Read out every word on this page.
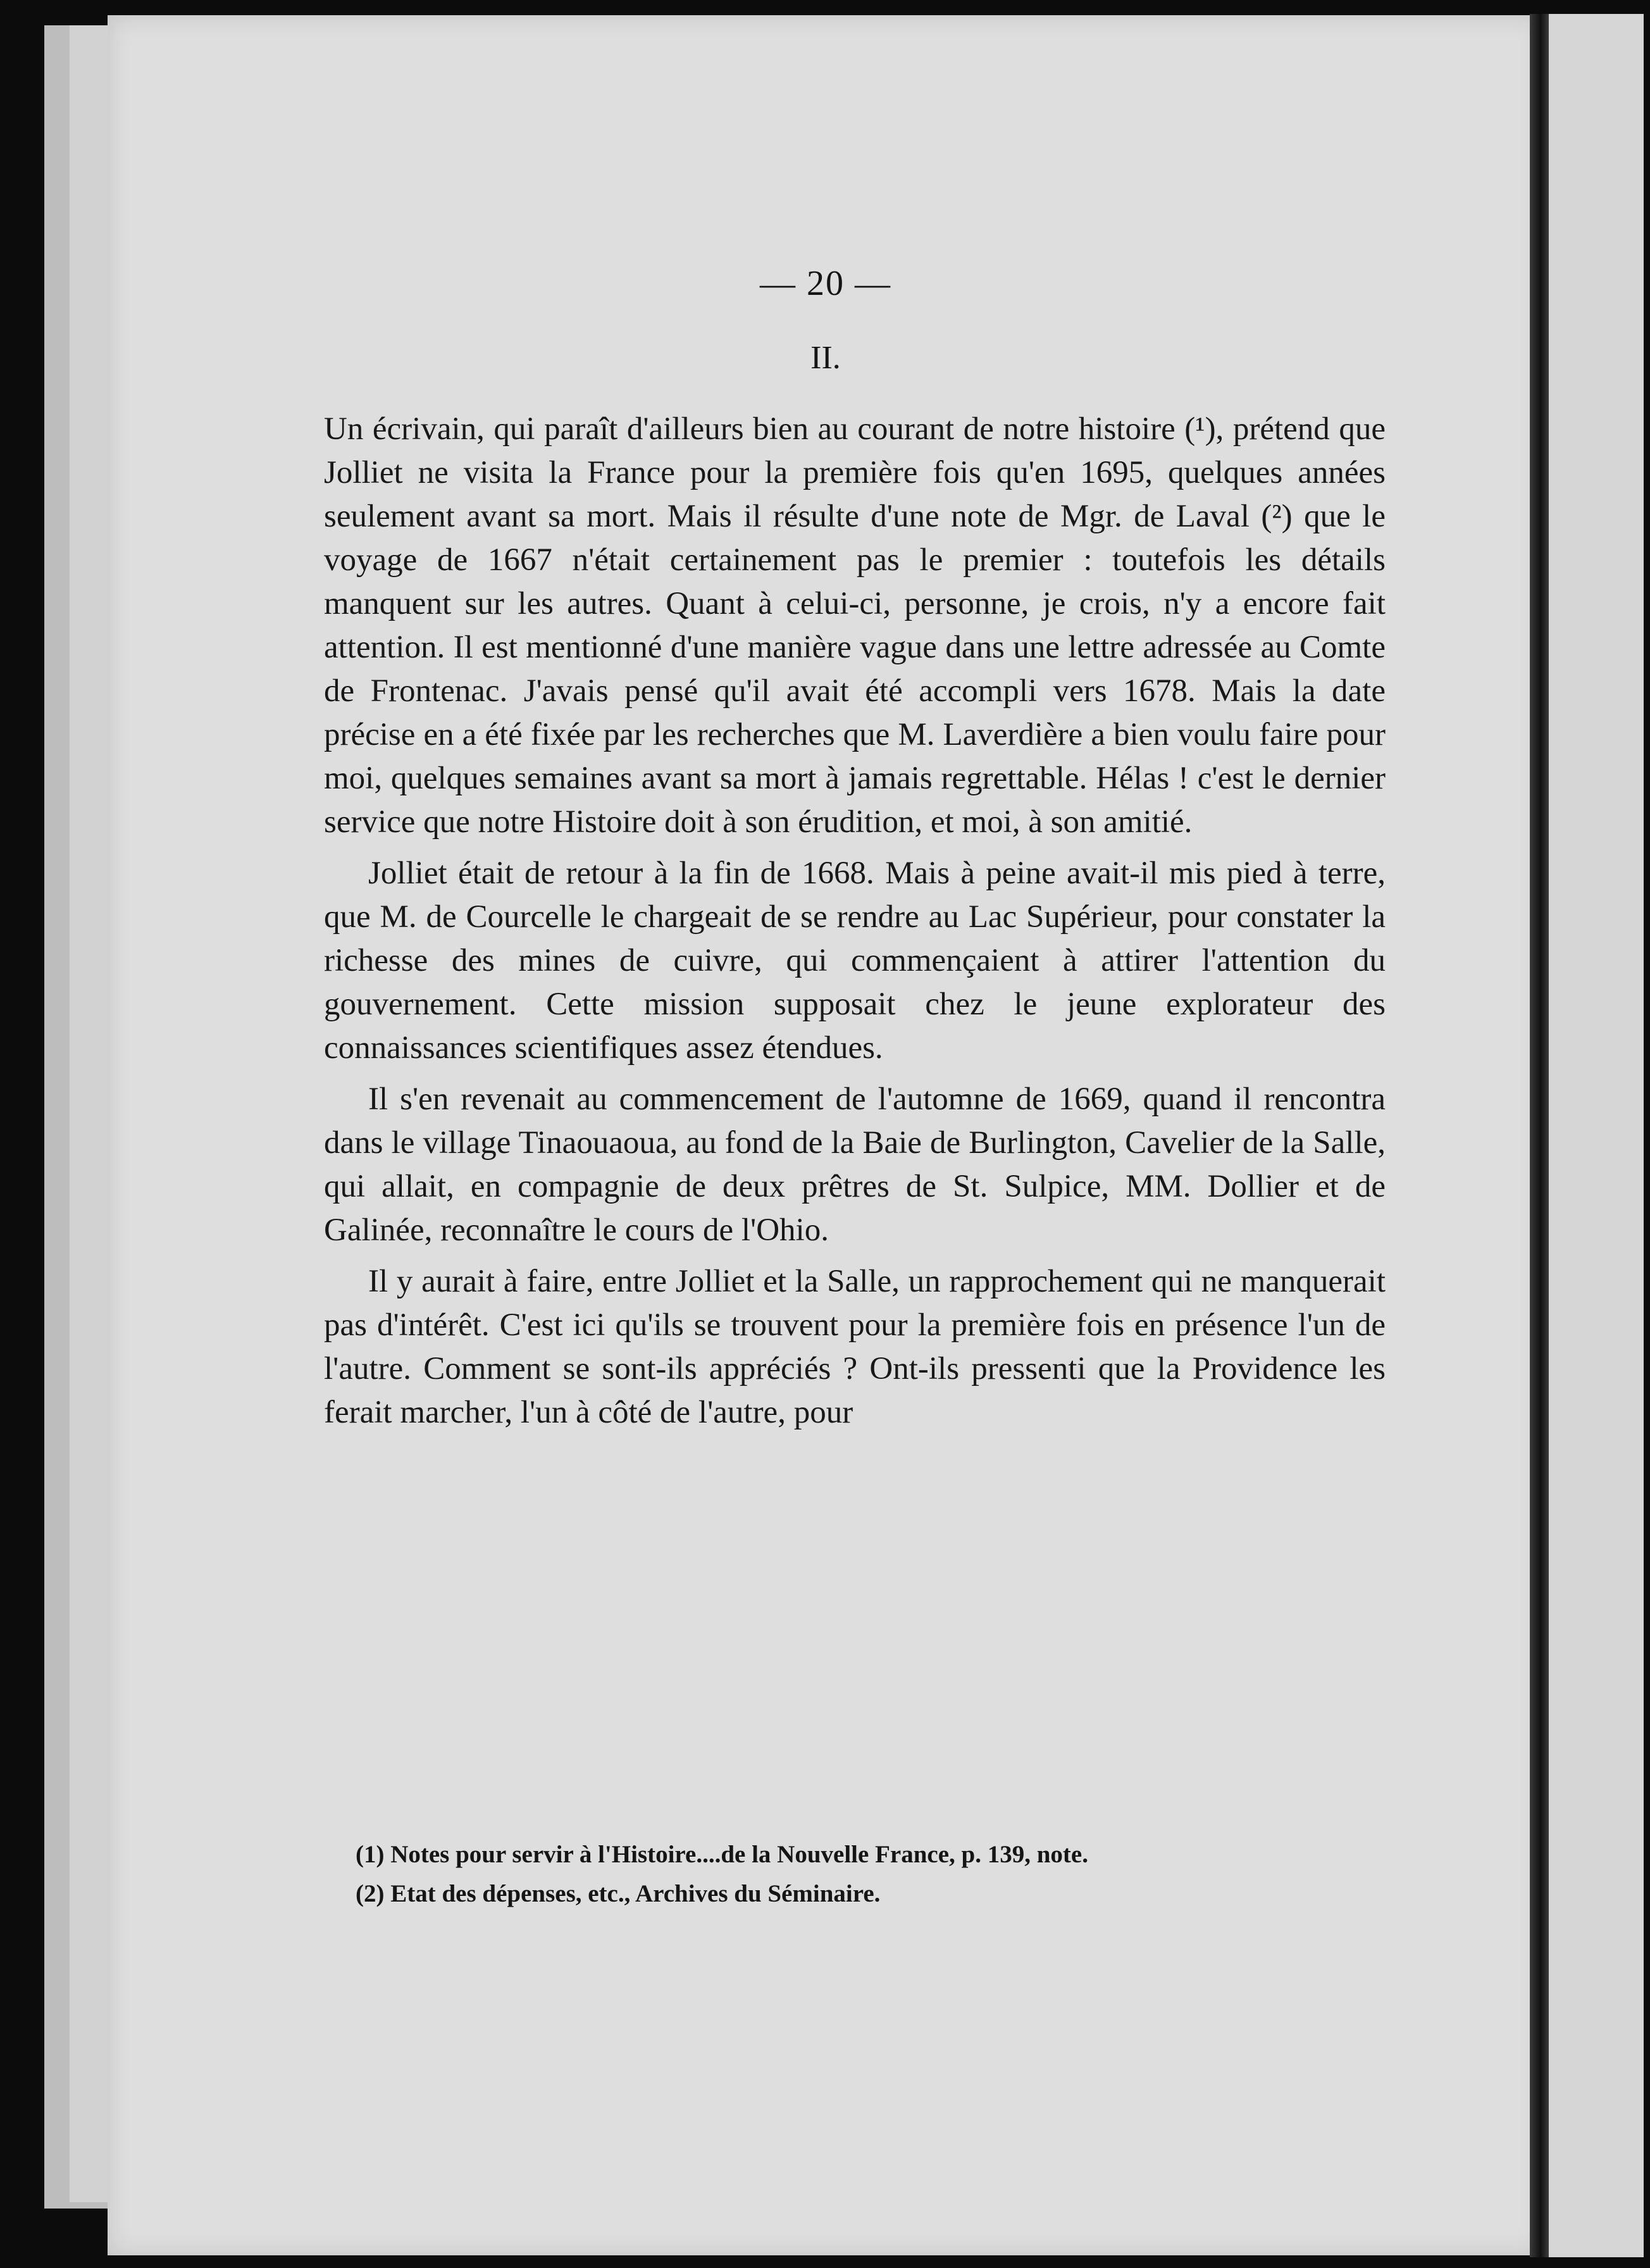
— 20 —
II.

Un écrivain, qui paraît d'ailleurs bien au courant de notre histoire (¹), prétend que Jolliet ne visita la France pour la première fois qu'en 1695, quelques années seulement avant sa mort. Mais il résulte d'une note de Mgr. de Laval (²) que le voyage de 1667 n'était certainement pas le premier : toutefois les détails manquent sur les autres. Quant à celui-ci, personne, je crois, n'y a encore fait attention. Il est mentionné d'une manière vague dans une lettre adressée au Comte de Frontenac. J'avais pensé qu'il avait été accompli vers 1678. Mais la date précise en a été fixée par les recherches que M. Laverdière a bien voulu faire pour moi, quelques semaines avant sa mort à jamais regrettable. Hélas ! c'est le dernier service que notre Histoire doit à son érudition, et moi, à son amitié.

Jolliet était de retour à la fin de 1668. Mais à peine avait-il mis pied à terre, que M. de Courcelle le chargeait de se rendre au Lac Supérieur, pour constater la richesse des mines de cuivre, qui commençaient à attirer l'attention du gouvernement. Cette mission supposait chez le jeune explorateur des connaissances scientifiques assez étendues.

Il s'en revenait au commencement de l'automne de 1669, quand il rencontra dans le village Tinaouaoua, au fond de la Baie de Burlington, Cavelier de la Salle, qui allait, en compagnie de deux prêtres de St. Sulpice, MM. Dollier et de Galinée, reconnaître le cours de l'Ohio.

Il y aurait à faire, entre Jolliet et la Salle, un rapprochement qui ne manquerait pas d'intérêt. C'est ici qu'ils se trouvent pour la première fois en présence l'un de l'autre. Comment se sont-ils appréciés ? Ont-ils pressenti que la Providence les ferait marcher, l'un à côté de l'autre, pour

(1) Notes pour servir à l'Histoire....de la Nouvelle France, p. 139, note.

(2) Etat des dépenses, etc., Archives du Séminaire.
